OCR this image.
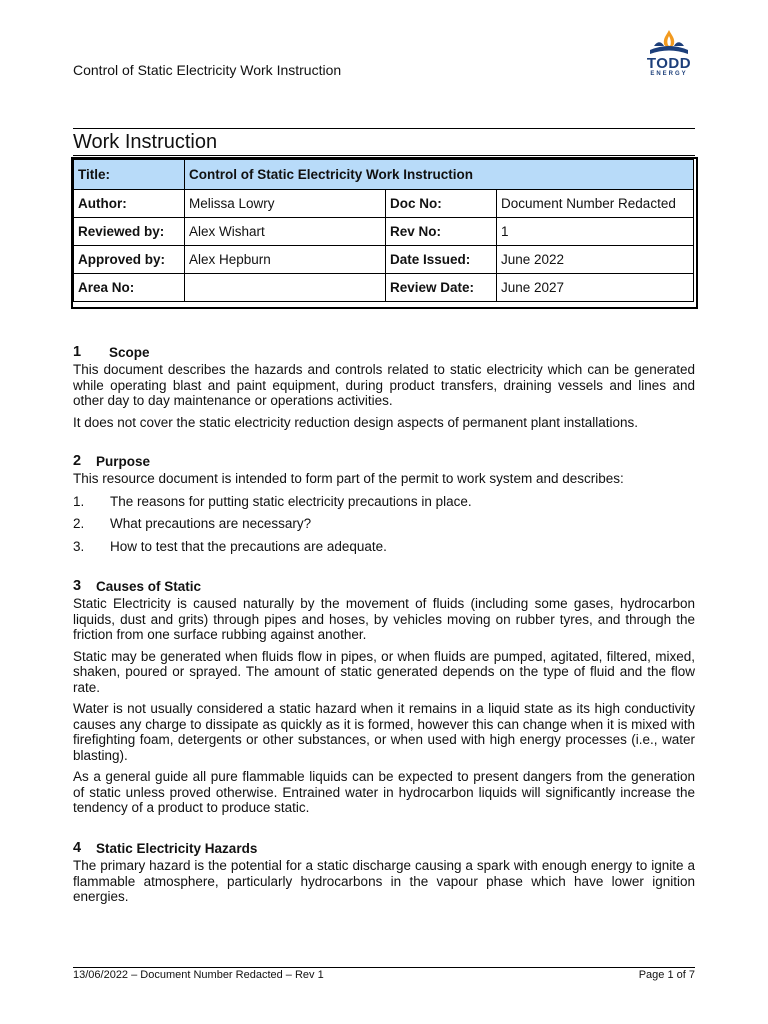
Control of Static Electricity Work Instruction	TODD
ENERGY
Work Instruction
Title:	Control of Static Electricity Work Instruction		
Author:	Melissa Lowry	Doc No:	Document Number Redacted
Reviewed by:	Alex Wishart	Rev No:	1
Approved by:	Alex Hepburn	Date Issued:	June 2022
Area No:		Review Date:	June 2027
1 Scope

This document describes the hazards and controls related to static electricity which can be generated while operating blast and paint equipment, during product transfers, draining vessels and lines and other day to day maintenance or operations activities.

It does not cover the static electricity reduction design aspects of permanent plant installations.

2 Purpose

This resource document is intended to form part of the permit to work system and describes:

1. The reasons for putting static electricity precautions in place.
2. What precautions are necessary?
3. How to test that the precautions are adequate.
3 Causes of Static

Static Electricity is caused naturally by the movement of fluids (including some gases, hydrocarbon liquids, dust and grits) through pipes and hoses, by vehicles moving on rubber tyres, and through the friction from one surface rubbing against another.

Static may be generated when fluids flow in pipes, or when fluids are pumped, agitated, filtered, mixed, shaken, poured or sprayed. The amount of static generated depends on the type of fluid and the flow rate.

Water is not usually considered a static hazard when it remains in a liquid state as its high conductivity causes any charge to dissipate as quickly as it is formed, however this can change when it is mixed with firefighting foam, detergents or other substances, or when used with high energy processes (i.e., water blasting).

As a general guide all pure flammable liquids can be expected to present dangers from the generation of static unless proved otherwise. Entrained water in hydrocarbon liquids will significantly increase the tendency of a product to produce static.

4 Static Electricity Hazards

The primary hazard is the potential for a static discharge causing a spark with enough energy to ignite a flammable atmosphere, particularly hydrocarbons in the vapour phase which have lower ignition energies.

13/06/2022 – Document Number Redacted – Rev 1	Page 1 of 7
